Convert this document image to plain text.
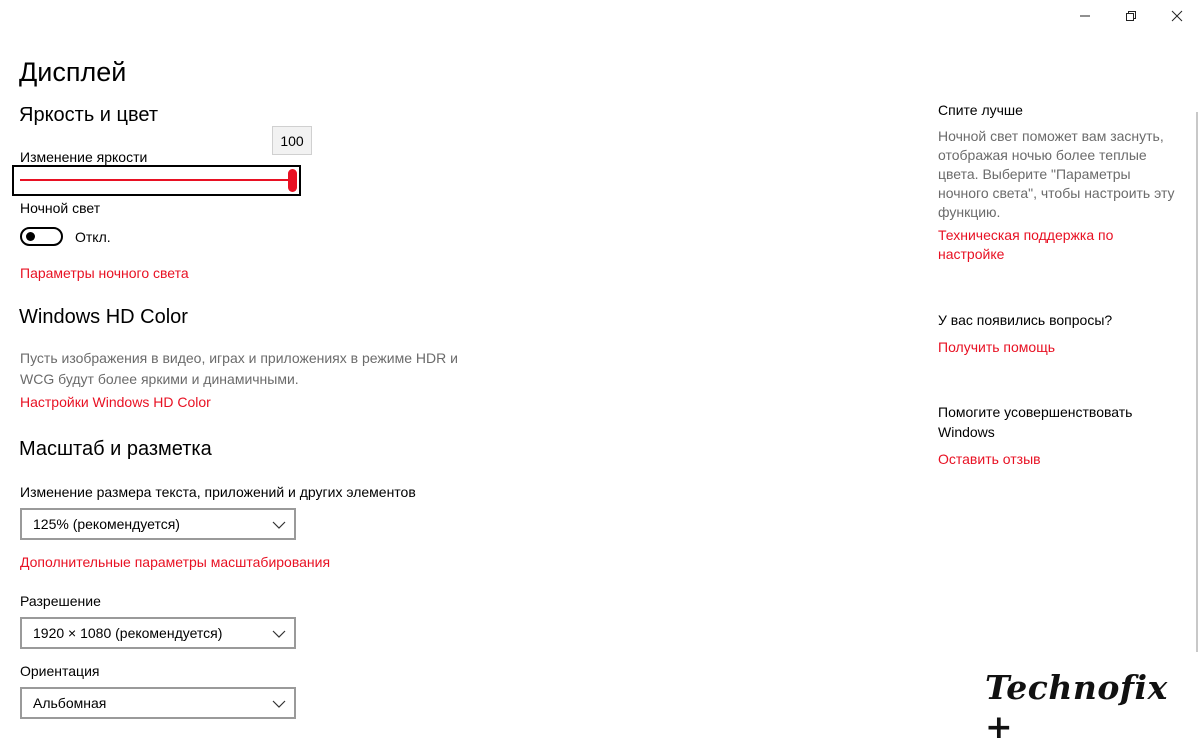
Дисплей
Яркость и цвет
100
Изменение яркости
Ночной свет
Откл.
Параметры ночного света
Windows HD Color
Пусть изображения в видео, играх и приложениях в режиме HDR и
WCG будут более яркими и динамичными.
Настройки Windows HD Color
Масштаб и разметка
Изменение размера текста, приложений и других элементов
125% (рекомендуется)
Дополнительные параметры масштабирования
Разрешение
1920 × 1080 (рекомендуется)
Ориентация
Альбомная
Спите лучше
Ночной свет поможет вам заснуть,
отображая ночью более теплые
цвета. Выберите "Параметры
ночного света", чтобы настроить эту
функцию.
Техническая поддержка по
настройке
У вас появились вопросы?
Получить помощь
Помогите усовершенствовать
Windows
Оставить отзыв
Technofix +
